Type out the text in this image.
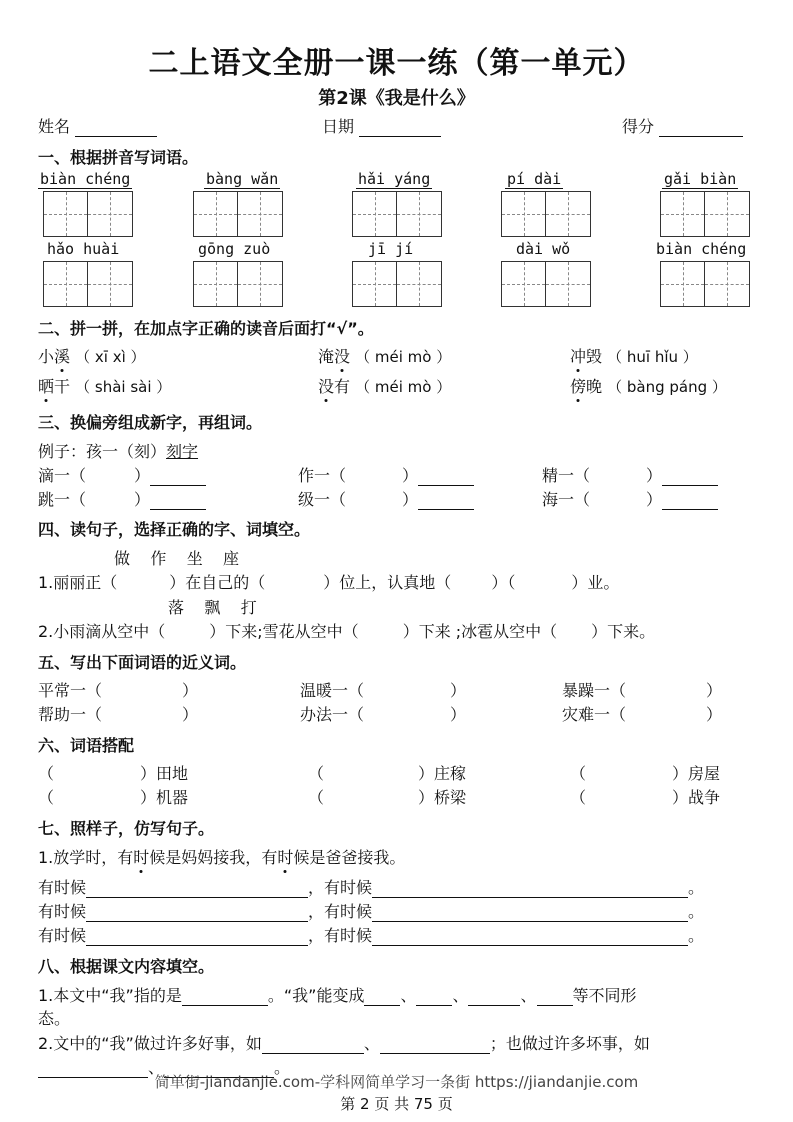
二上语文全册一课一练（第一单元）
第2课《我是什么》
姓名	日期	得分
一、根据拼音写词语。
biàn chéng	bàng wǎn	hǎi yáng	pí dài	gǎi biàn
hǎo huài	gōng zuò	jī jí	dài wǒ	biàn chéng
二、拼一拼，在加点字正确的读音后面打“√”。
小溪 （ xī xì ）	淹没 （ méi mò ）	冲毁 （ huī hǐu ）
晒干 （ shài sài ）	没有 （ méi mò ）	傍晚 （ bàng páng ）
三、换偏旁组成新字，再组词。
例子：孩一（刻）刻字
滴一（	）	作一（	）	精一（	）
跳一（	）	级一（	）	海一（	）
四、读句子，选择正确的字、词填空。
做    作    坐    座
1.丽丽正（	）在自己的（	）位上，认真地（	）（	）业。
落    飘    打
2.小雨滴从空中（	）下来;雪花从空中（	）下来 ;冰雹从空中（ ）下来。
五、写出下面词语的近义词。
平常一（	）	温暖一（	）	暴躁一（	）
帮助一（	）	办法一（	）	灾难一（	）
六、词语搭配
（	）田地	（	）庄稼	（	）房屋
（	）机器	（	）桥梁	（	）战争
七、照样子，仿写句子。
1.放学时，有时候是妈妈接我，有时候是爸爸接我。
有时候	，有时候	。
有时候	，有时候	。
有时候	，有时候	。
八、根据课文内容填空。
1.本文中“我”指的是	。“我”能变成 、 、	、 等不同形
态。
2.文中的“我”做过许多好事，如	、	；也做过许多坏事，如
、	。
简单街-jiandanjie.com-学科网简单学习一条街 https://jiandanjie.com
第 2 页 共 75 页
